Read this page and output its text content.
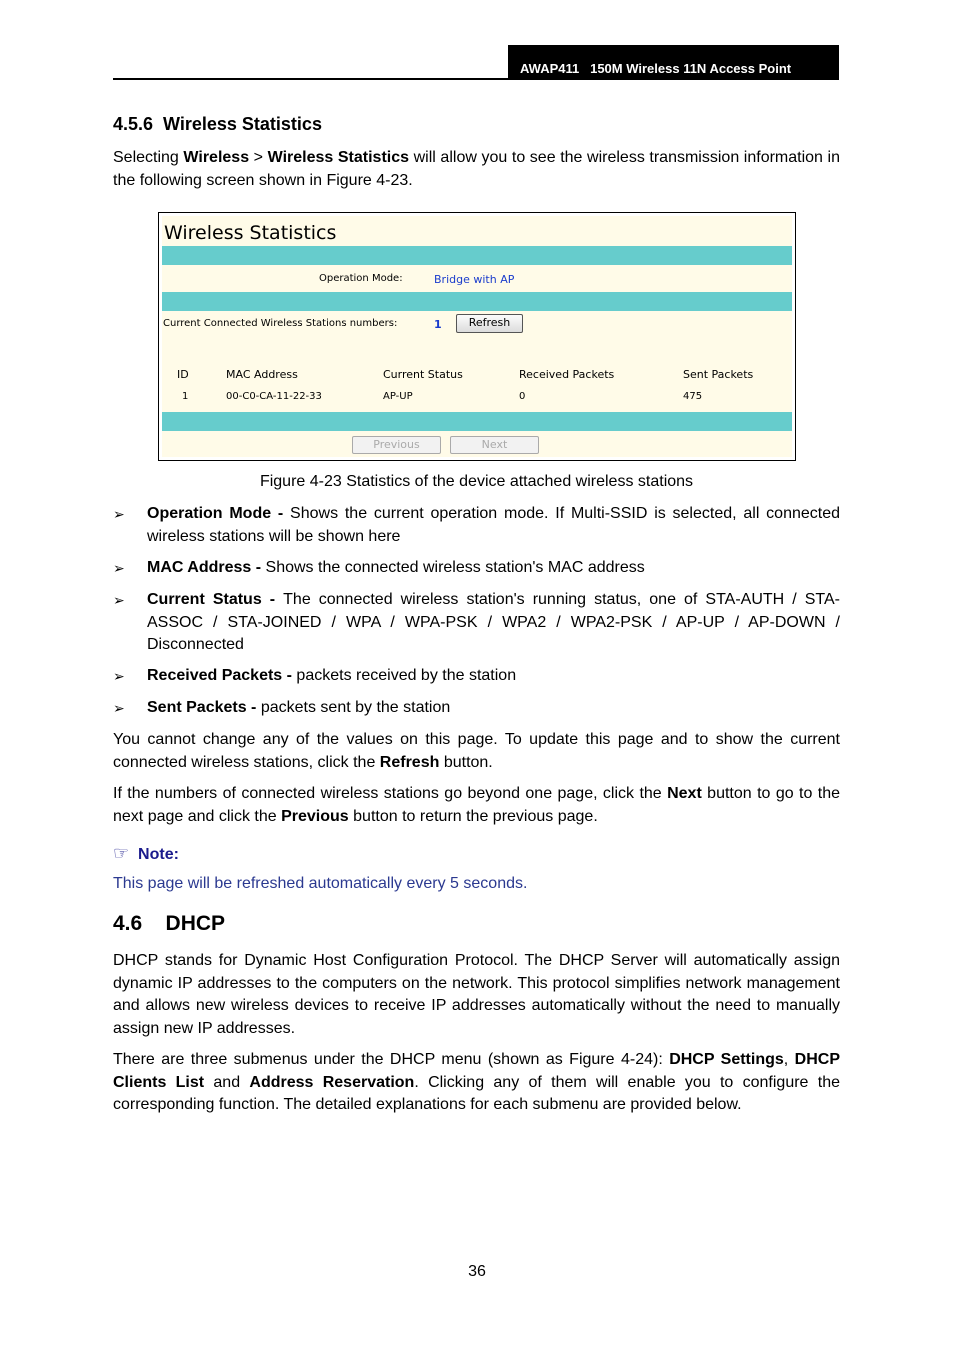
AWAP411   150M Wireless 11N Access Point
4.5.6  Wireless Statistics
Selecting Wireless > Wireless Statistics will allow you to see the wireless transmission information in the following screen shown in Figure 4-23.
Wireless Statistics
Operation Mode:	Bridge with AP
Current Connected Wireless Stations numbers:	1	Refresh
ID	MAC Address	Current Status	Received Packets	Sent Packets
1	00-C0-CA-11-22-33	AP-UP	0	475
Previous	Next
Figure 4-23 Statistics of the device attached wireless stations
➢ Operation Mode - Shows the current operation mode. If Multi-SSID is selected, all connected wireless stations will be shown here
➢ MAC Address - Shows the connected wireless station's MAC address
➢ Current Status - The connected wireless station's running status, one of STA-AUTH / STA-ASSOC / STA-JOINED / WPA / WPA-PSK / WPA2 / WPA2-PSK / AP-UP / AP-DOWN / Disconnected
➢ Received Packets - packets received by the station
➢ Sent Packets - packets sent by the station
You cannot change any of the values on this page. To update this page and to show the current connected wireless stations, click the Refresh button.
If the numbers of connected wireless stations go beyond one page, click the Next button to go to the next page and click the Previous button to return the previous page.
☞ Note:
This page will be refreshed automatically every 5 seconds.
4.6    DHCP
DHCP stands for Dynamic Host Configuration Protocol. The DHCP Server will automatically assign dynamic IP addresses to the computers on the network. This protocol simplifies network management and allows new wireless devices to receive IP addresses automatically without the need to manually assign new IP addresses.
There are three submenus under the DHCP menu (shown as Figure 4-24): DHCP Settings, DHCP Clients List and Address Reservation. Clicking any of them will enable you to configure the corresponding function. The detailed explanations for each submenu are provided below.
36
